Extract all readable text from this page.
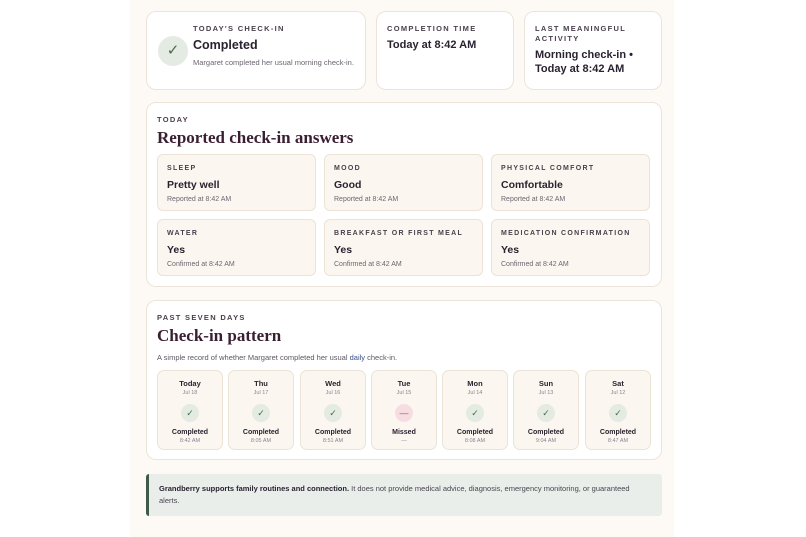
✓
TODAY'S CHECK-IN
Completed
Margaret completed her usual morning check-in.
COMPLETION TIME
Today at 8:42 AM
LAST MEANINGFUL ACTIVITY
Morning check-in • Today at 8:42 AM
TODAY
Reported check-in answers
SLEEP
Pretty well
Reported at 8:42 AM
MOOD
Good
Reported at 8:42 AM
PHYSICAL COMFORT
Comfortable
Reported at 8:42 AM
WATER
Yes
Confirmed at 8:42 AM
BREAKFAST OR FIRST MEAL
Yes
Confirmed at 8:42 AM
MEDICATION CONFIRMATION
Yes
Confirmed at 8:42 AM
PAST SEVEN DAYS
Check-in pattern
A simple record of whether Margaret completed her usual daily check-in.
Today
Jul 18
✓
Completed
8:42 AM
Thu
Jul 17
✓
Completed
8:05 AM
Wed
Jul 16
✓
Completed
8:51 AM
Tue
Jul 15
—
Missed
—
Mon
Jul 14
✓
Completed
8:08 AM
Sun
Jul 13
✓
Completed
9:04 AM
Sat
Jul 12
✓
Completed
8:47 AM
Grandberry supports family routines and connection. It does not provide medical advice, diagnosis, emergency monitoring, or guaranteed alerts.
